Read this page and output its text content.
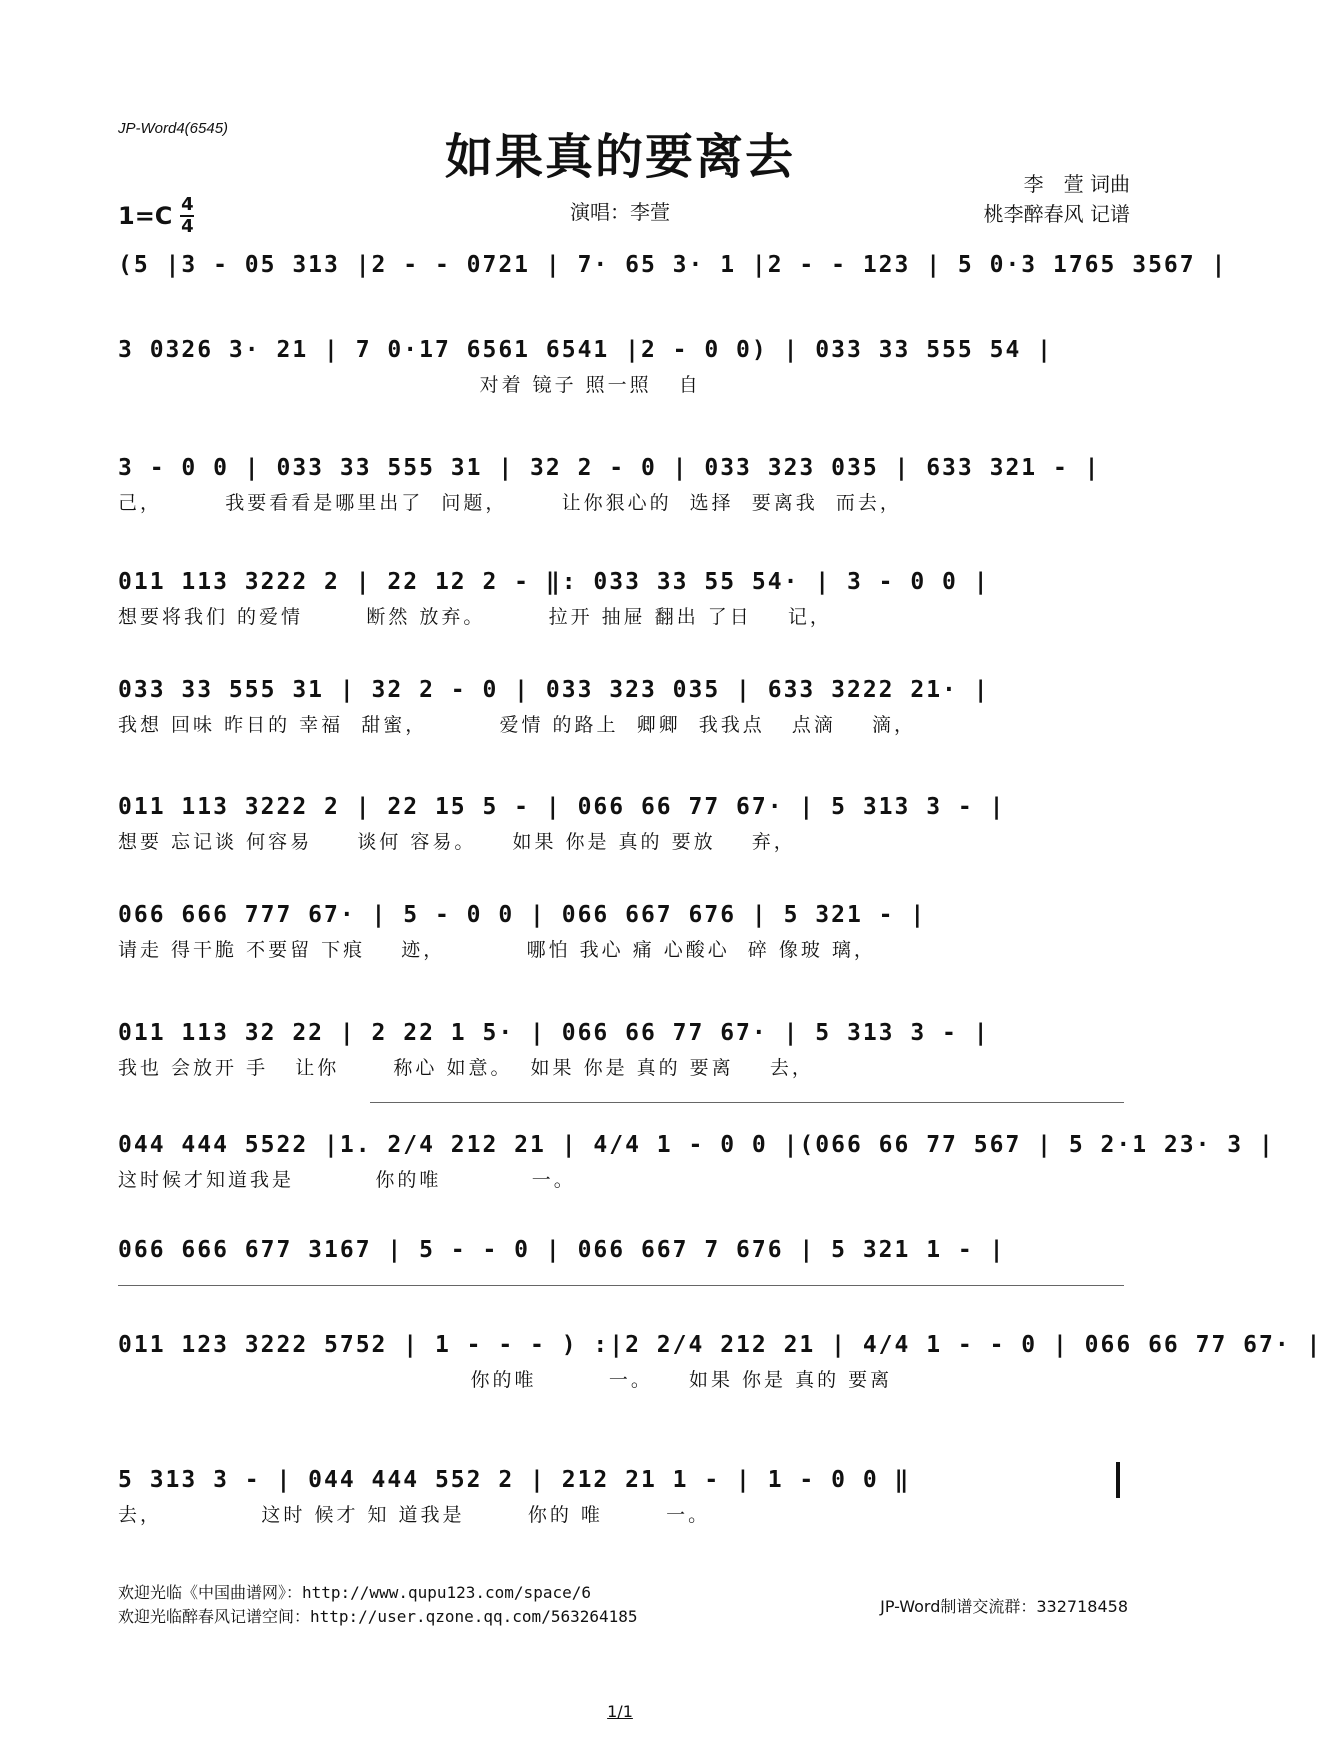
JP-Word4(6545)
如果真的要离去	李　萱 词曲
桃李醉春风 记谱
$1=C \frac{4}{4}$	演唱：李萱
(5 |3 - 05 313 |2 - - 0721 | 7· 65 3· 1 |2 - - 123 | 5 0·3 1765 3567 |
3 0326 3· 21 | 7 0·17 6561 6541 |2 - 0 0) | 033 33 555 54 |
对着 镜子 照一照   自
3 - 0 0 | 033 33 555 31 | 32 2 - 0 | 033 323 035 | 633 321 - |
己，       我要看看是哪里出了  问题，      让你狠心的  选择  要离我  而去，
011 113 3222 2 | 22 12 2 - ‖: 033 33 55 54· | 3 - 0 0 |
想要将我们 的爱情       断然 放弃。       拉开 抽屉 翻出 了日    记，
033 33 555 31 | 32 2 - 0 | 033 323 035 | 633 3222 21· |
我想 回味 昨日的 幸福  甜蜜，        爱情 的路上  卿卿  我我点   点滴    滴，
011 113 3222 2 | 22 15 5 - | 066 66 77 67· | 5 313 3 - |
想要 忘记谈 何容易     谈何 容易。    如果 你是 真的 要放    弃，
066 666 777 67· | 5 - 0 0 | 066 667 676 | 5 321 - |
请走 得干脆 不要留 下痕    迹，         哪怕 我心 痛 心酸心  碎 像玻 璃，
011 113 32 22 | 2 22 1 5· | 066 66 77 67· | 5 313 3 - |
我也 会放开 手   让你      称心 如意。  如果 你是 真的 要离    去，
044 444 5522 |1. 2/4 212 21 | 4/4 1 - 0 0 |(066 66 77 567 | 5 2·1 23· 3 |
这时候才知道我是         你的唯          一。
066 666 677 3167 | 5 - - 0 | 066 667 7 676 | 5 321 1 - |
011 123 3222 5752 | 1 - - - ) :|2 2/4 212 21 | 4/4 1 - - 0 | 066 66 77 67· |
你的唯        一。    如果 你是 真的 要离
5 313 3 - | 044 444 552 2 | 212 21 1 - | 1 - 0 0 ‖
去，           这时 候才 知 道我是       你的 唯       一。
欢迎光临《中国曲谱网》：http://www.qupu123.com/space/6
欢迎光临醉春风记谱空间：http://user.qzone.qq.com/563264185
JP-Word制谱交流群：332718458
1/1
